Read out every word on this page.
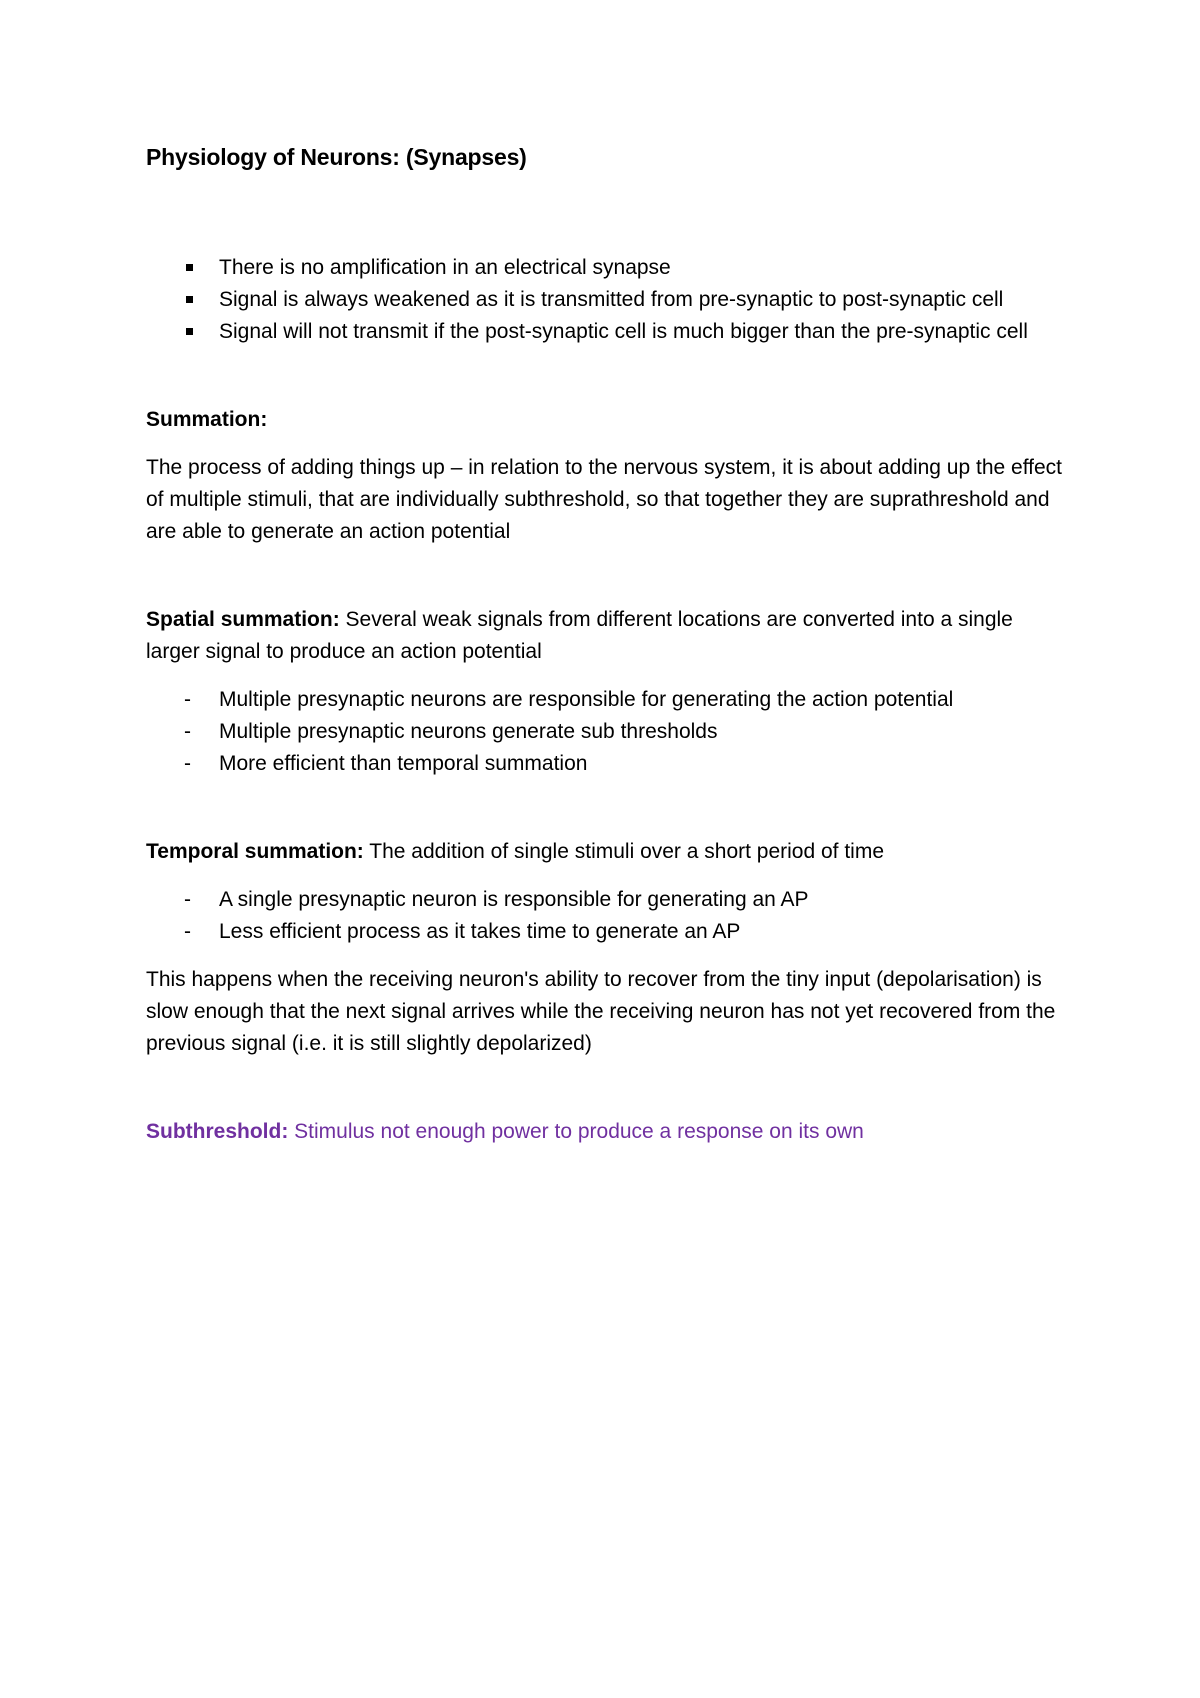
Physiology of Neurons: (Synapses)
There is no amplification in an electrical synapse
Signal is always weakened as it is transmitted from pre-synaptic to post-synaptic cell
Signal will not transmit if the post-synaptic cell is much bigger than the pre-synaptic cell

Summation:

The process of adding things up – in relation to the nervous system, it is about adding up the effect of multiple stimuli, that are individually subthreshold, so that together they are suprathreshold and are able to generate an action potential

Spatial summation: Several weak signals from different locations are converted into a single larger signal to produce an action potential

- Multiple presynaptic neurons are responsible for generating the action potential
- Multiple presynaptic neurons generate sub thresholds
- More efficient than temporal summation

Temporal summation: The addition of single stimuli over a short period of time

- A single presynaptic neuron is responsible for generating an AP
- Less efficient process as it takes time to generate an AP

This happens when the receiving neuron's ability to recover from the tiny input (depolarisation) is slow enough that the next signal arrives while the receiving neuron has not yet recovered from the previous signal (i.e. it is still slightly depolarized)

Subthreshold: Stimulus not enough power to produce a response on its own
